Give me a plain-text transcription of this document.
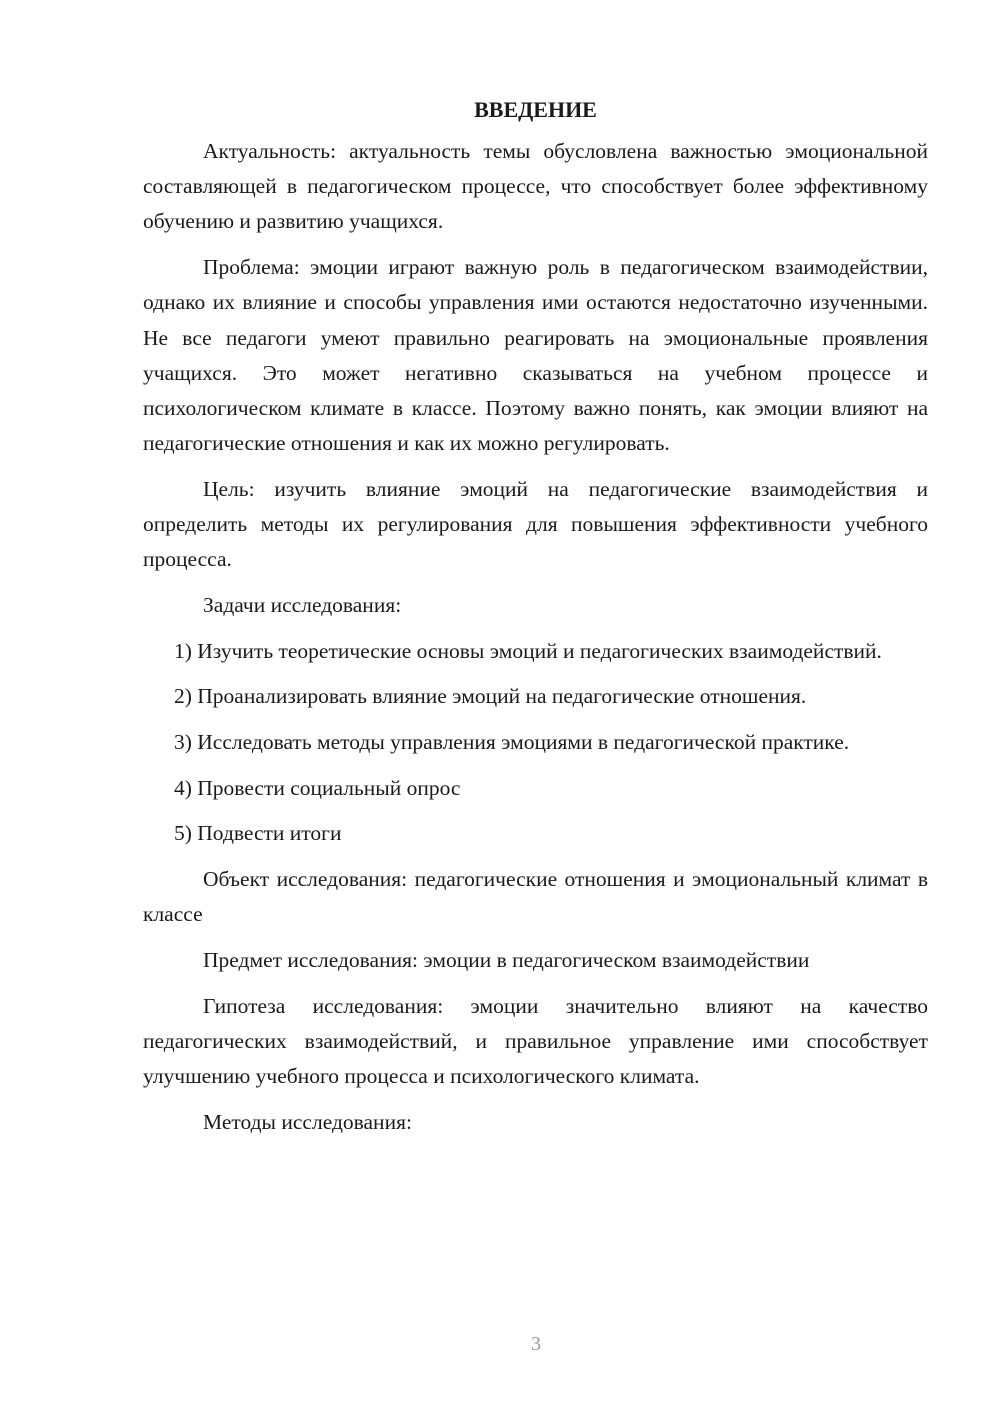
ВВЕДЕНИЕ

Актуальность: актуальность темы обусловлена важностью эмоциональной составляющей в педагогическом процессе, что способствует более эффективному обучению и развитию учащихся.

Проблема: эмоции играют важную роль в педагогическом взаимодействии, однако их влияние и способы управления ими остаются недостаточно изученными. Не все педагоги умеют правильно реагировать на эмоциональные проявления учащихся. Это может негативно сказываться на учебном процессе и психологическом климате в классе. Поэтому важно понять, как эмоции влияют на педагогические отношения и как их можно регулировать.

Цель: изучить влияние эмоций на педагогические взаимодействия и определить методы их регулирования для повышения эффективности учебного процесса.

Задачи исследования:

1) Изучить теоретические основы эмоций и педагогических взаимодействий.

2) Проанализировать влияние эмоций на педагогические отношения.

3) Исследовать методы управления эмоциями в педагогической практике.

4) Провести социальный опрос

5) Подвести итоги

Объект исследования: педагогические отношения и эмоциональный климат в классе

Предмет исследования: эмоции в педагогическом взаимодействии

Гипотеза исследования: эмоции значительно влияют на качество педагогических взаимодействий, и правильное управление ими способствует улучшению учебного процесса и психологического климата.

Методы исследования:

3
